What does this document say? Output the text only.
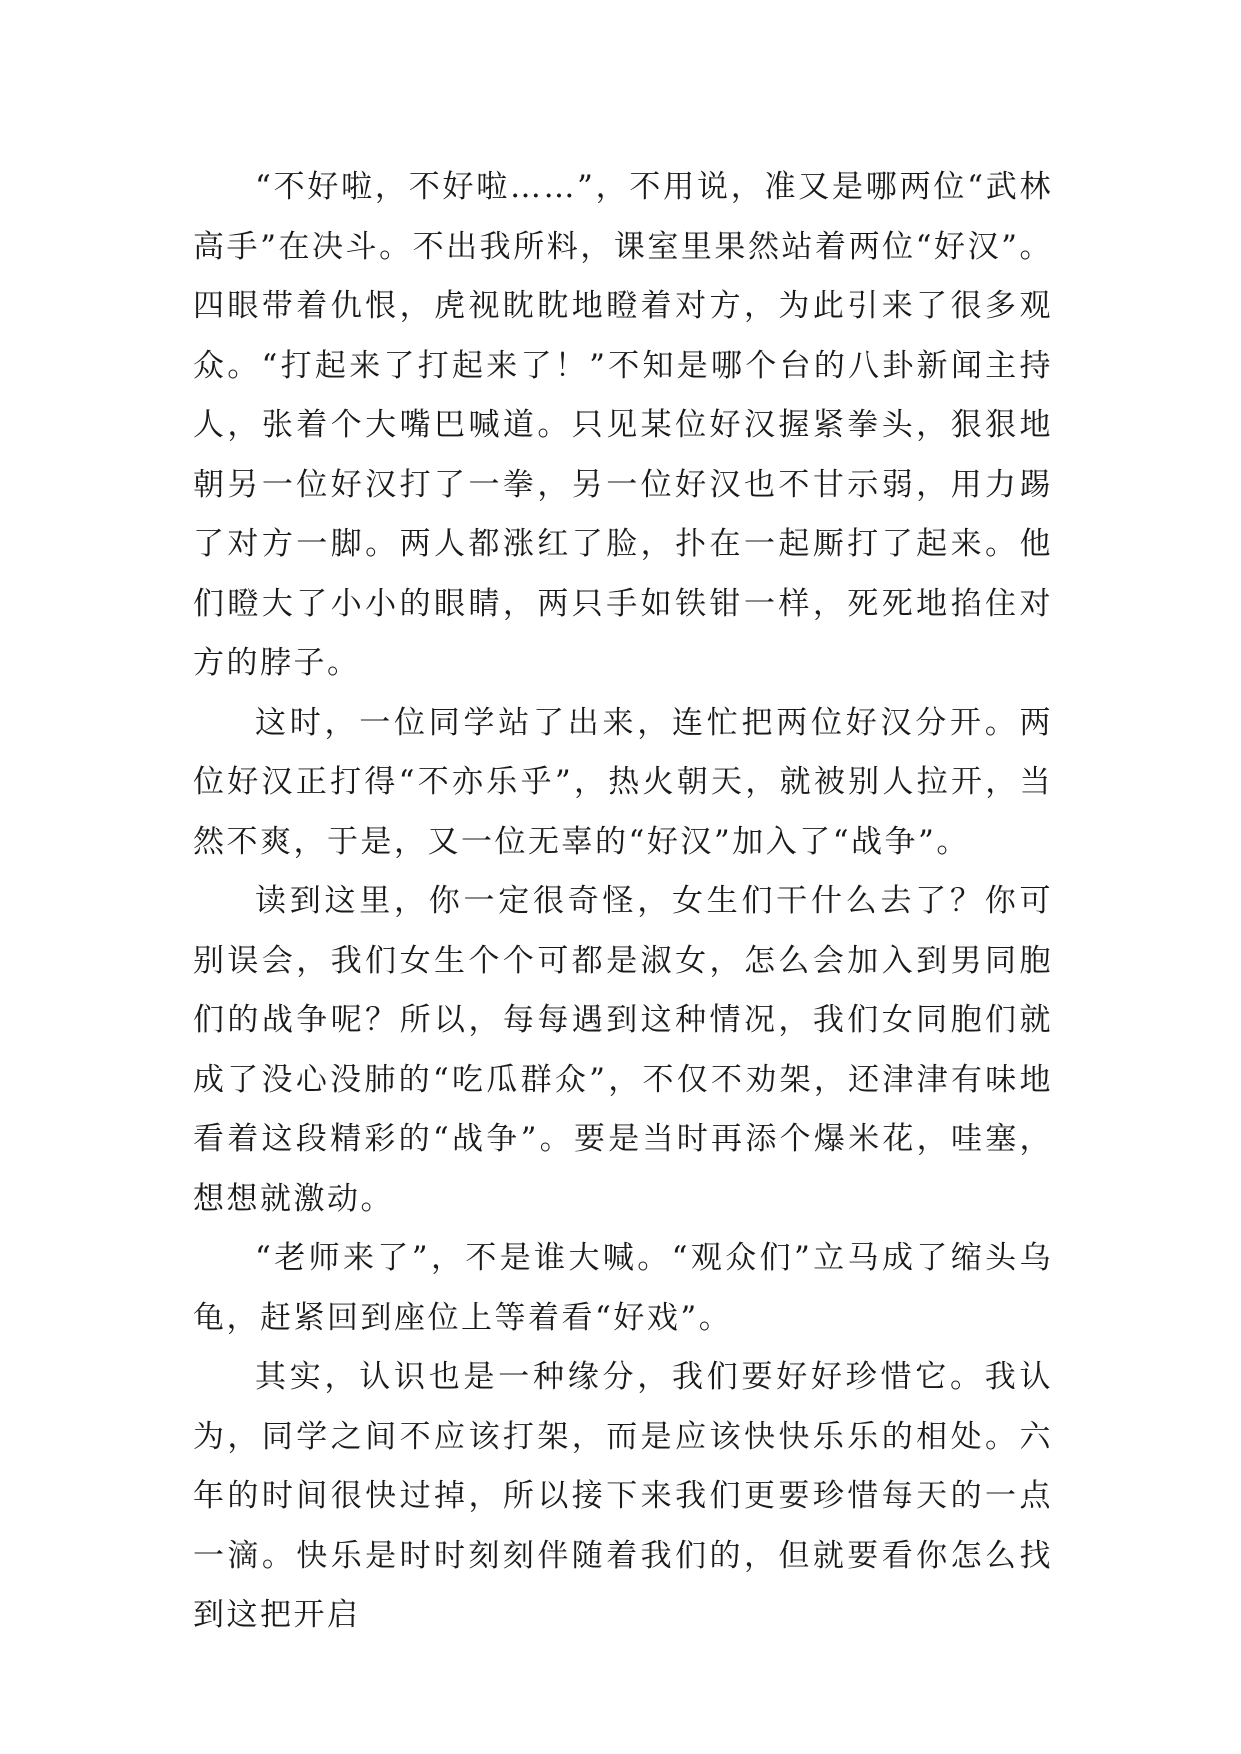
“不好啦，不好啦……”，不用说，准又是哪两位“武林高手”在决斗。不出我所料，课室里果然站着两位“好汉”。四眼带着仇恨，虎视眈眈地瞪着对方，为此引来了很多观众。“打起来了打起来了！”不知是哪个台的八卦新闻主持人，张着个大嘴巴喊道。只见某位好汉握紧拳头，狠狠地朝另一位好汉打了一拳，另一位好汉也不甘示弱，用力踢了对方一脚。两人都涨红了脸，扑在一起厮打了起来。他们瞪大了小小的眼睛，两只手如铁钳一样，死死地掐住对方的脖子。

这时，一位同学站了出来，连忙把两位好汉分开。两位好汉正打得“不亦乐乎”，热火朝天，就被别人拉开，当然不爽，于是，又一位无辜的“好汉”加入了“战争”。

读到这里，你一定很奇怪，女生们干什么去了？你可别误会，我们女生个个可都是淑女，怎么会加入到男同胞们的战争呢？所以，每每遇到这种情况，我们女同胞们就成了没心没肺的“吃瓜群众”，不仅不劝架，还津津有味地看着这段精彩的“战争”。要是当时再添个爆米花，哇塞，想想就激动。

“老师来了”，不是谁大喊。“观众们”立马成了缩头乌龟，赶紧回到座位上等着看“好戏”。

其实，认识也是一种缘分，我们要好好珍惜它。我认为，同学之间不应该打架，而是应该快快乐乐的相处。六年的时间很快过掉，所以接下来我们更要珍惜每天的一点一滴。快乐是时时刻刻伴随着我们的，但就要看你怎么找到这把开启
